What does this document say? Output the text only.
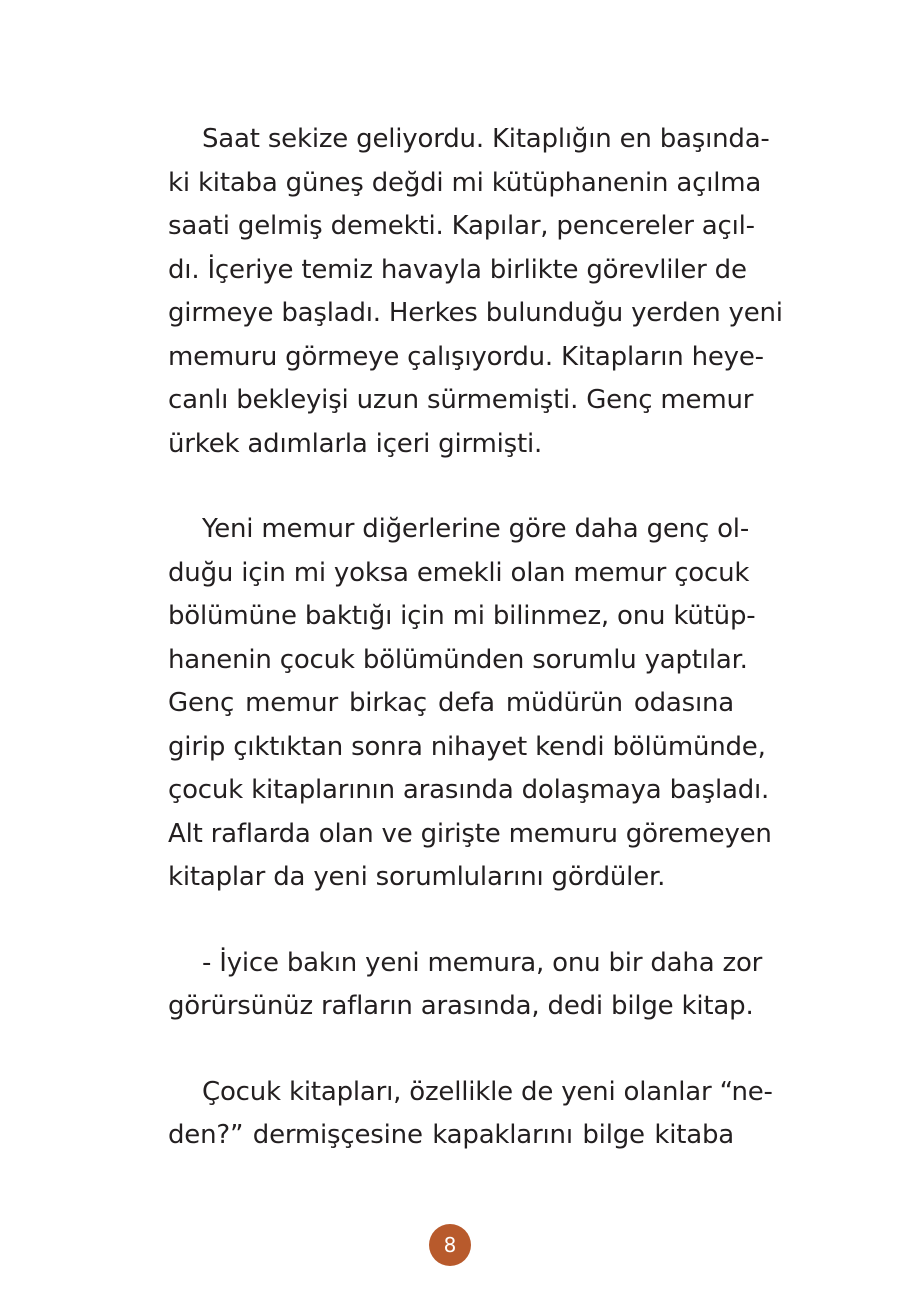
Saat sekize geliyordu. Kitaplığın en başında-
ki kitaba güneş değdi mi kütüphanenin açılma
saati gelmiş demekti. Kapılar, pencereler açıl-
dı. İçeriye temiz havayla birlikte görevliler de
girmeye başladı. Herkes bulunduğu yerden yeni
memuru görmeye çalışıyordu. Kitapların heye-
canlı bekleyişi uzun sürmemişti. Genç memur
ürkek adımlarla içeri girmişti.

Yeni memur diğerlerine göre daha genç ol-
duğu için mi yoksa emekli olan memur çocuk
bölümüne baktığı için mi bilinmez, onu kütüp-
hanenin çocuk bölümünden sorumlu yaptılar.
Genç memur birkaç defa müdürün odasına
girip çıktıktan sonra nihayet kendi bölümünde,
çocuk kitaplarının arasında dolaşmaya başladı.
Alt raflarda olan ve girişte memuru göremeyen
kitaplar da yeni sorumlularını gördüler.

- İyice bakın yeni memura, onu bir daha zor
görürsünüz rafların arasında, dedi bilge kitap.

Çocuk kitapları, özellikle de yeni olanlar “ne-
den?” dermişçesine kapaklarını bilge kitaba

8
